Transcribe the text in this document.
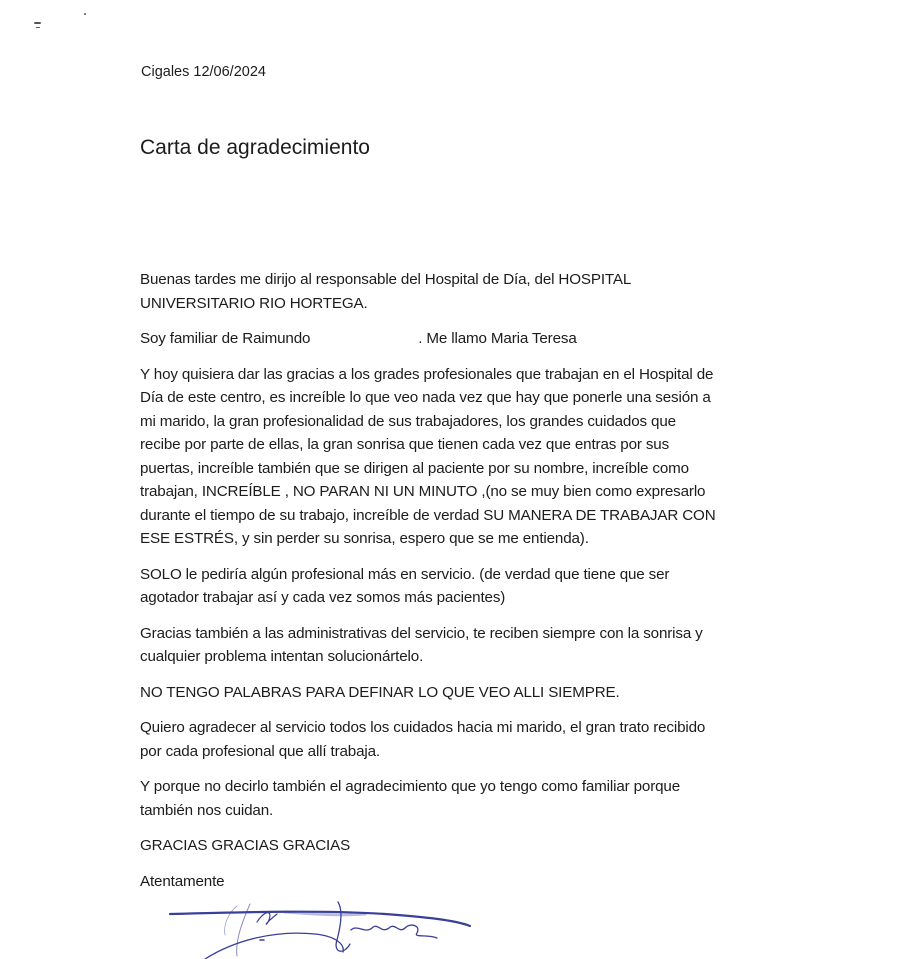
Cigales 12/06/2024
Carta de agradecimiento

Buenas tardes me dirijo al responsable del Hospital de Día, del HOSPITAL
UNIVERSITARIO RIO HORTEGA.

Soy familiar de Raimundo	. Me llamo Maria Teresa

Y hoy quisiera dar las gracias a los grades profesionales que trabajan en el Hospital de
Día de este centro, es increíble lo que veo nada vez que hay que ponerle una sesión a
mi marido, la gran profesionalidad de sus trabajadores, los grandes cuidados que
recibe por parte de ellas, la gran sonrisa que tienen cada vez que entras por sus
puertas, increíble también que se dirigen al paciente por su nombre, increíble como
trabajan, INCREÍBLE , NO PARAN NI UN MINUTO ,(no se muy bien como expresarlo
durante el tiempo de su trabajo, increíble de verdad SU MANERA DE TRABAJAR CON
ESE ESTRÉS, y sin perder su sonrisa, espero que se me entienda).

SOLO le pediría algún profesional más en servicio. (de verdad que tiene que ser
agotador trabajar así y cada vez somos más pacientes)

Gracias también a las administrativas del servicio, te reciben siempre con la sonrisa y
cualquier problema intentan solucionártelo.

NO TENGO PALABRAS PARA DEFINAR LO QUE VEO ALLI SIEMPRE.

Quiero agradecer al servicio todos los cuidados hacia mi marido, el gran trato recibido
por cada profesional que allí trabaja.

Y porque no decirlo también el agradecimiento que yo tengo como familiar porque
también nos cuidan.

GRACIAS GRACIAS GRACIAS

Atentamente
